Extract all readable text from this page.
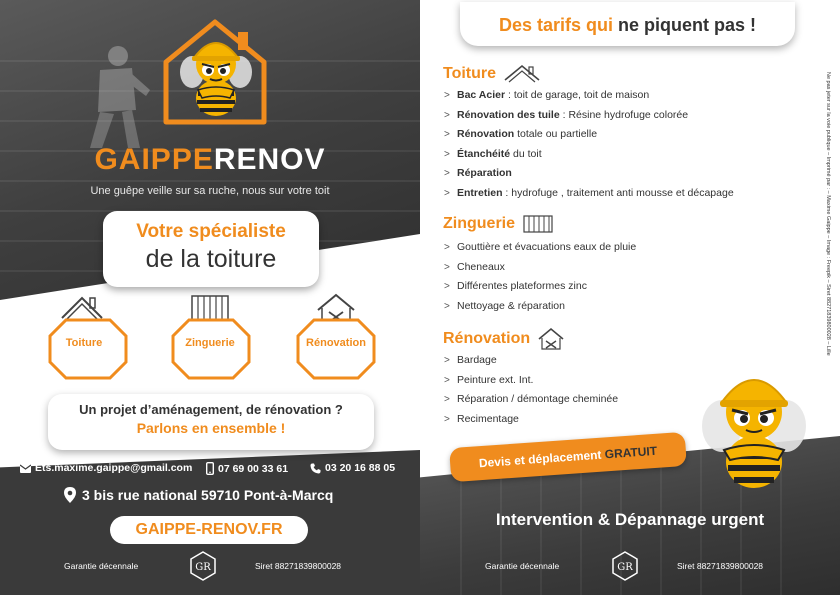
GAIPPERENOV
Une guêpe veille sur sa ruche, nous sur votre toit
Votre spécialiste
de la toiture
Toiture	Zinguerie	Rénovation
Un projet d’aménagement, de rénovation ?
Parlons en ensemble !
Ets.maxime.gaippe@gmail.com 07 69 00 33 61	03 20 16 88 05
3 bis rue national 59710 Pont-à-Marcq
GAIPPE-RENOV.FR
Garantie décennale	GR	Siret 88271839800028
Des tarifs qui ne piquent pas !
Toiture
> Bac Acier : toit de garage, toit de maison
> Rénovation des tuile : Résine hydrofuge colorée
> Rénovation totale ou partielle
> Étanchéité du toit
> Réparation
> Entretien : hydrofuge , traitement anti mousse et décapage
Zinguerie
> Gouttière et évacuations eaux de pluie
> Cheneaux
> Différentes plateformes zinc
> Nettoyage & réparation
Rénovation
> Bardage
> Peinture ext. Int.
> Réparation / démontage cheminée
> Recimentage
Devis et déplacement GRATUIT
Intervention & Dépannage urgent
Garantie décennale	GR	Siret 88271839800028
Ne pas jeter sur la voie publique – Imprimé par : – Maxime Gaippe – Image : Freepik – Siret 88271839800028 – Lille
